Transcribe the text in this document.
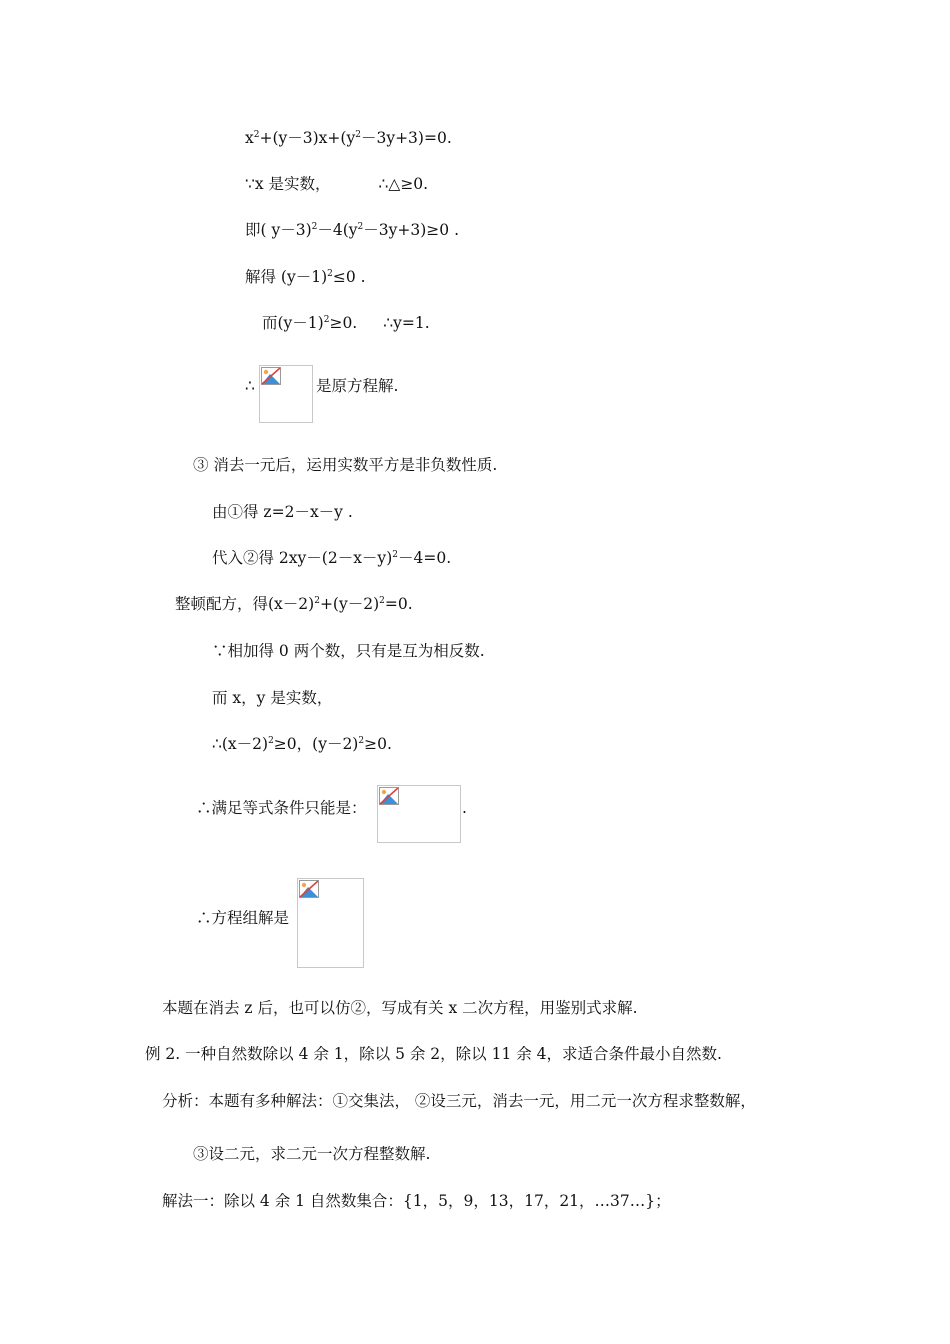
$x^2+(y-3)x+(y^2-3y+3)=0$.
∵x 是实数，	∴△≥0.
即( $y-3)^2-4(y^2-3y+3)\ge 0$ .
解得 $(y-1)^2\le 0$ .
而$(y-1)^2\ge 0$. ∴y=1.
∴	是原方程解.
③ 消去一元后，运用实数平方是非负数性质.
由①得 z=2－x－y .
代入②得 $2xy-(2-x-y)^2-4=0$.
整顿配方，得$(x-2)^2+(y-2)^2=0$.
∵相加得 0 两个数，只有是互为相反数.
而 x，y 是实数，
$\therefore(x-2)^2\ge 0$，$(y-2)^2\ge 0$.
∴满足等式条件只能是：	.
∴方程组解是
本题在消去 z 后，也可以仿②，写成有关 x 二次方程，用鉴别式求解.
例 2. 一种自然数除以 4 余 1，除以 5 余 2，除以 11 余 4，求适合条件最小自然数.
分析：本题有多种解法：①交集法， ②设三元，消去一元，用二元一次方程求整数解，
③设二元，求二元一次方程整数解.
解法一：除以 4 余 1 自然数集合：{1，5，9，13，17，21，…37…}；
